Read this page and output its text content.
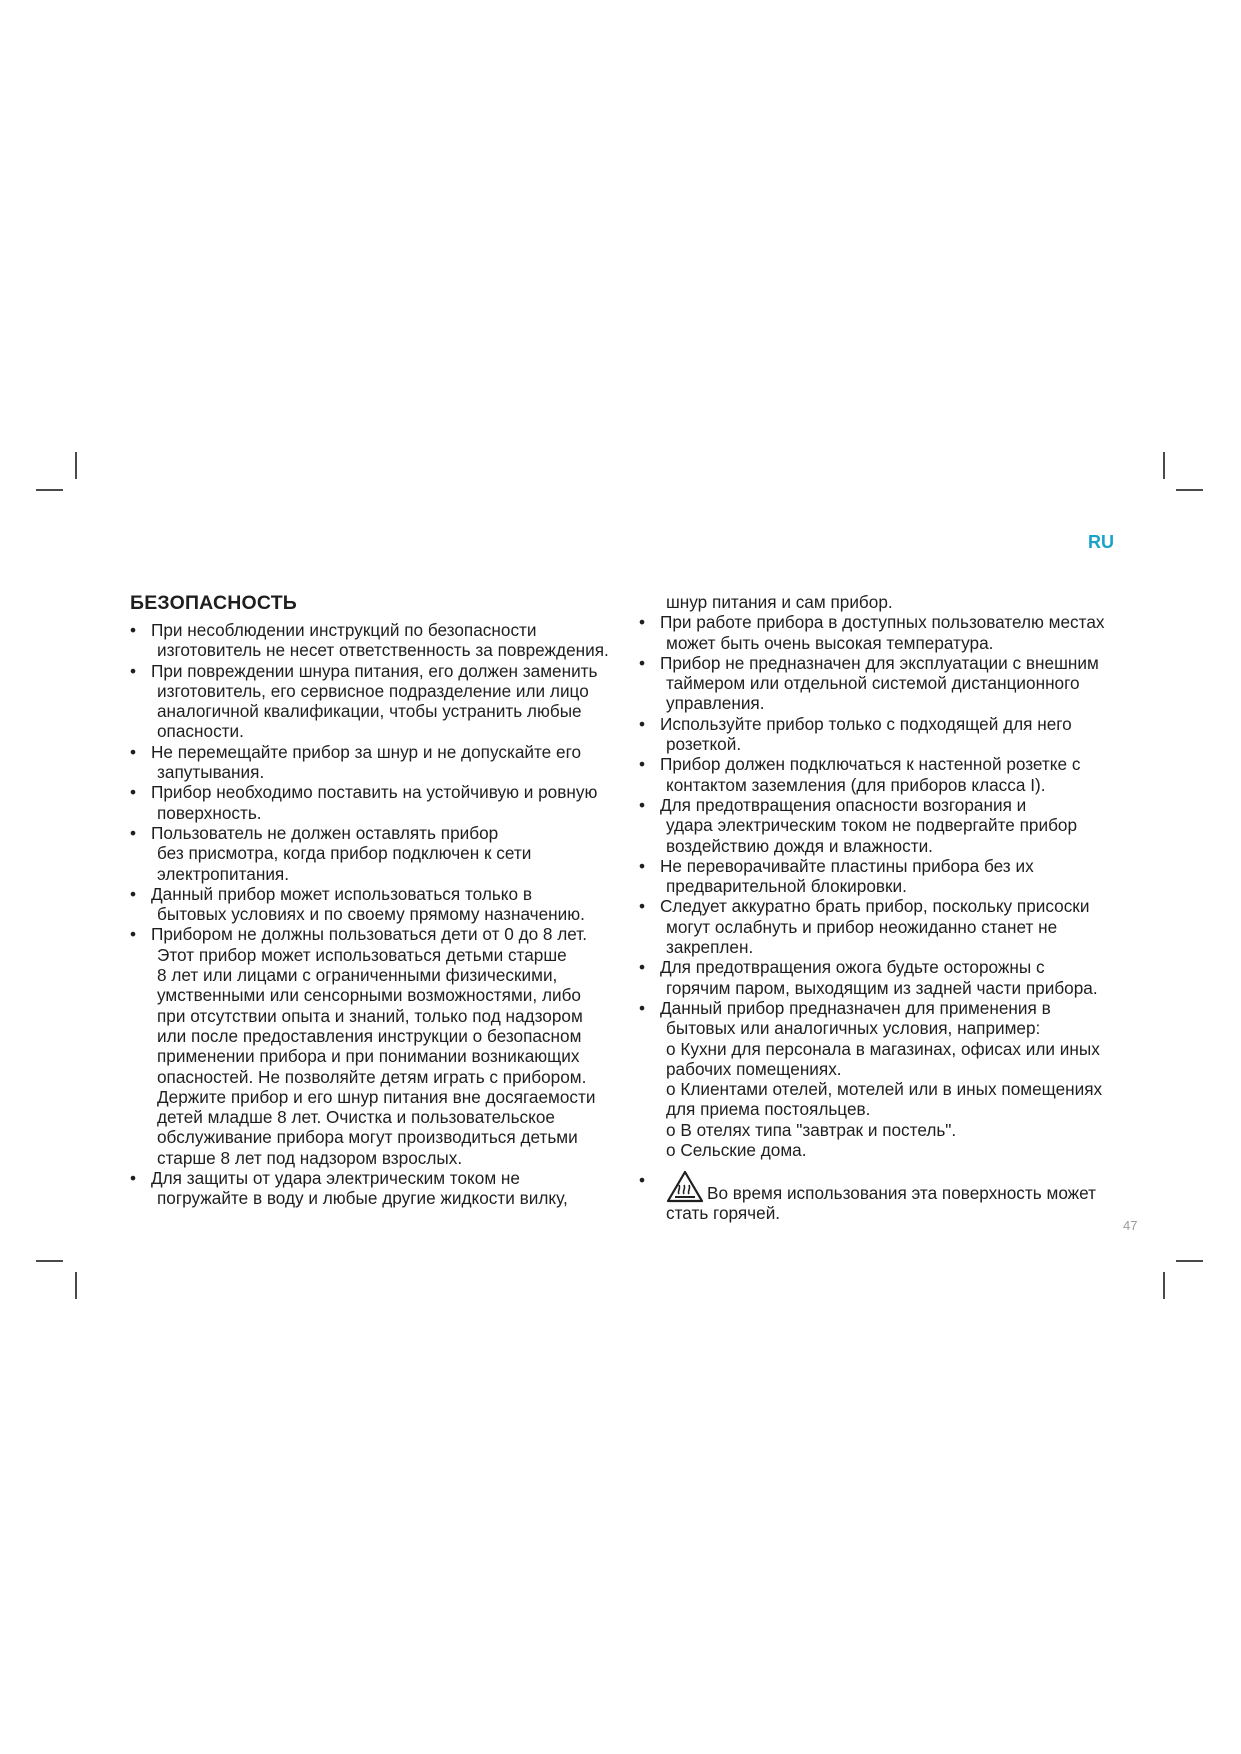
RU
БЕЗОПАСНОСТЬ
• При несоблюдении инструкций по безопасности
изготовитель не несет ответственность за повреждения.
• При повреждении шнура питания, его должен заменить
изготовитель, его сервисное подразделение или лицо
аналогичной квалификации, чтобы устранить любые
опасности.
• Не перемещайте прибор за шнур и не допускайте его
запутывания.
• Прибор необходимо поставить на устойчивую и ровную
поверхность.
• Пользователь не должен оставлять прибор
без присмотра, когда прибор подключен к сети
электропитания.
• Данный прибор может использоваться только в
бытовых условиях и по своему прямому назначению.
• Прибором не должны пользоваться дети от 0 до 8 лет.
Этот прибор может использоваться детьми старше
8 лет или лицами с ограниченными физическими,
умственными или сенсорными возможностями, либо
при отсутствии опыта и знаний, только под надзором
или после предоставления инструкции о безопасном
применении прибора и при понимании возникающих
опасностей. Не позволяйте детям играть с прибором.
Держите прибор и его шнур питания вне досягаемости
детей младше 8 лет. Очистка и пользовательское
обслуживание прибора могут производиться детьми
старше 8 лет под надзором взрослых.
• Для защиты от удара электрическим током не
погружайте в воду и любые другие жидкости вилку,
шнур питания и сам прибор.
• При работе прибора в доступных пользователю местах
может быть очень высокая температура.
• Прибор не предназначен для эксплуатации с внешним
таймером или отдельной системой дистанционного
управления.
• Используйте прибор только с подходящей для него
розеткой.
• Прибор должен подключаться к настенной розетке с
контактом заземления (для приборов класса I).
• Для предотвращения опасности возгорания и
удара электрическим током не подвергайте прибор
воздействию дождя и влажности.
• Не переворачивайте пластины прибора без их
предварительной блокировки.
• Следует аккуратно брать прибор, поскольку присоски
могут ослабнуть и прибор неожиданно станет не
закреплен.
• Для предотвращения ожога будьте осторожны с
горячим паром, выходящим из задней части прибора.
• Данный прибор предназначен для применения в
бытовых или аналогичных условия, например:
о Кухни для персонала в магазинах, офисах или иных
рабочих помещениях.
о Клиентами отелей, мотелей или в иных помещениях
для приема постояльцев.
о В отелях типа "завтрак и постель".
о Сельские дома.
• Во время использования эта поверхность может
стать горячей.
47
